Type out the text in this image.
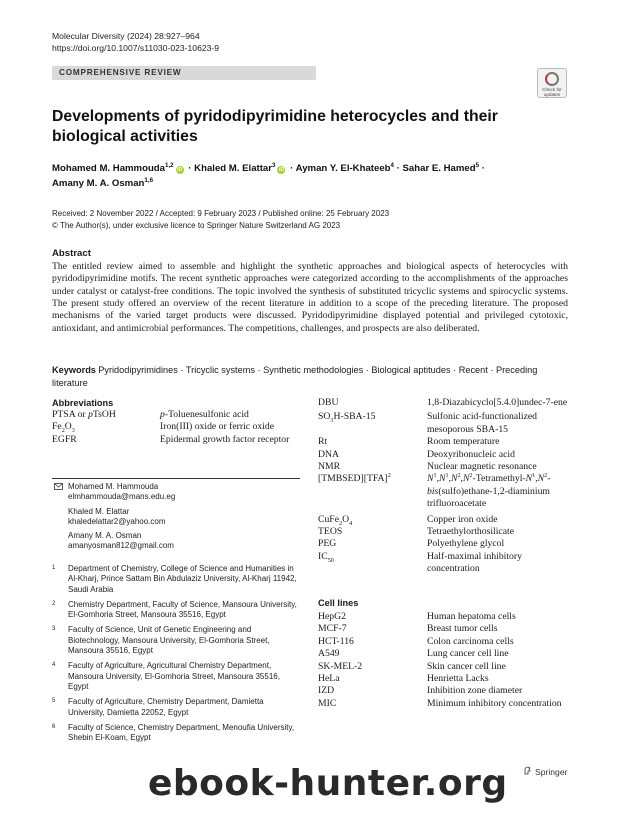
Molecular Diversity (2024) 28:927–964
https://doi.org/10.1007/s11030-023-10623-9
COMPREHENSIVE REVIEW
Check for
updates
Developments of pyridodipyrimidine heterocycles and their biological activities
Mohamed M. Hammouda$^{1,2}$iD · Khaled M. Elattar$^3$iD · Ayman Y. El‑Khateeb$^4$ · Sahar E. Hamed$^5$ ·
Amany M. A. Osman$^{1,6}$
Received: 2 November 2022 / Accepted: 9 February 2023 / Published online: 25 February 2023
© The Author(s), under exclusive licence to Springer Nature Switzerland AG 2023
Abstract
The entitled review aimed to assemble and highlight the synthetic approaches and biological aspects of heterocycles with pyridodipyrimidine motifs. The recent synthetic approaches were categorized according to the accomplishments of the approaches under catalyst or catalyst-free conditions. The topic involved the synthesis of substituted tricyclic systems and spirocyclic systems. The present study offered an overview of the recent literature in addition to a scope of the preceding literature. The proposed mechanisms of the varied target products were discussed. Pyridodipyrimidine displayed potential and privileged cytotoxic, antioxidant, and antimicrobial performances. The competitions, challenges, and prospects are also deliberated.
Keywords Pyridodipyrimidines · Tricyclic systems · Synthetic methodologies · Biological aptitudes · Recent · Preceding literature
Abbreviations
PTSA or pTsOH	p-Toluenesulfonic acid
$Fe_2O_3$	Iron(III) oxide or ferric oxide
EGFR	Epidermal growth factor receptor
DBU	1,8-Diazabicyclo[5.4.0]undec-7-ene
$SO_3H-SBA-15$	Sulfonic acid-functionalized mesoporous SBA-15
Rt	Room temperature
DNA	Deoxyribonucleic acid
NMR	Nuclear magnetic resonance
[TMBSED][TFA]$^2$	$N^1,N^1,N^2,N^2-Tetramethyl-N^1,N^2-bis(sulfo)ethane-1,2$-diaminium trifluoroacetate
$CuFe_2O_4$	Copper iron oxide
TEOS	Tetraethylorthosilicate
PEG	Polyethylene glycol
$IC_{50}$	Half-maximal inhibitory concentration
Cell lines
HepG2	Human hepatoma cells
MCF-7	Breast tumor cells
HCT-116	Colon carcinoma cells
A549	Lung cancer cell line
SK-MEL-2	Skin cancer cell line
HeLa	Henrietta Lacks
IZD	Inhibition zone diameter
MIC	Minimum inhibitory concentration
Mohamed M. Hammouda
elmhammouda@mans.edu.eg
Khaled M. Elattar
khaledelattar2@yahoo.com
Amany M. A. Osman
amanyosman812@gmail.com
1 Department of Chemistry, College of Science and Humanities in Al-Kharj, Prince Sattam Bin Abdulaziz University, Al-Kharj 11942, Saudi Arabia
2 Chemistry Department, Faculty of Science, Mansoura University, El-Gomhoria Street, Mansoura 35516, Egypt
3 Faculty of Science, Unit of Genetic Engineering and Biotechnology, Mansoura University, El-Gomhoria Street, Mansoura 35516, Egypt
4 Faculty of Agriculture, Agricultural Chemistry Department, Mansoura University, El-Gomhoria Street, Mansoura 35516, Egypt
5 Faculty of Agriculture, Chemistry Department, Damietta University, Damietta 22052, Egypt
6 Faculty of Science, Chemistry Department, Menoufia University, Shebin El-Koam, Egypt
Springer
ebook-hunter.org
